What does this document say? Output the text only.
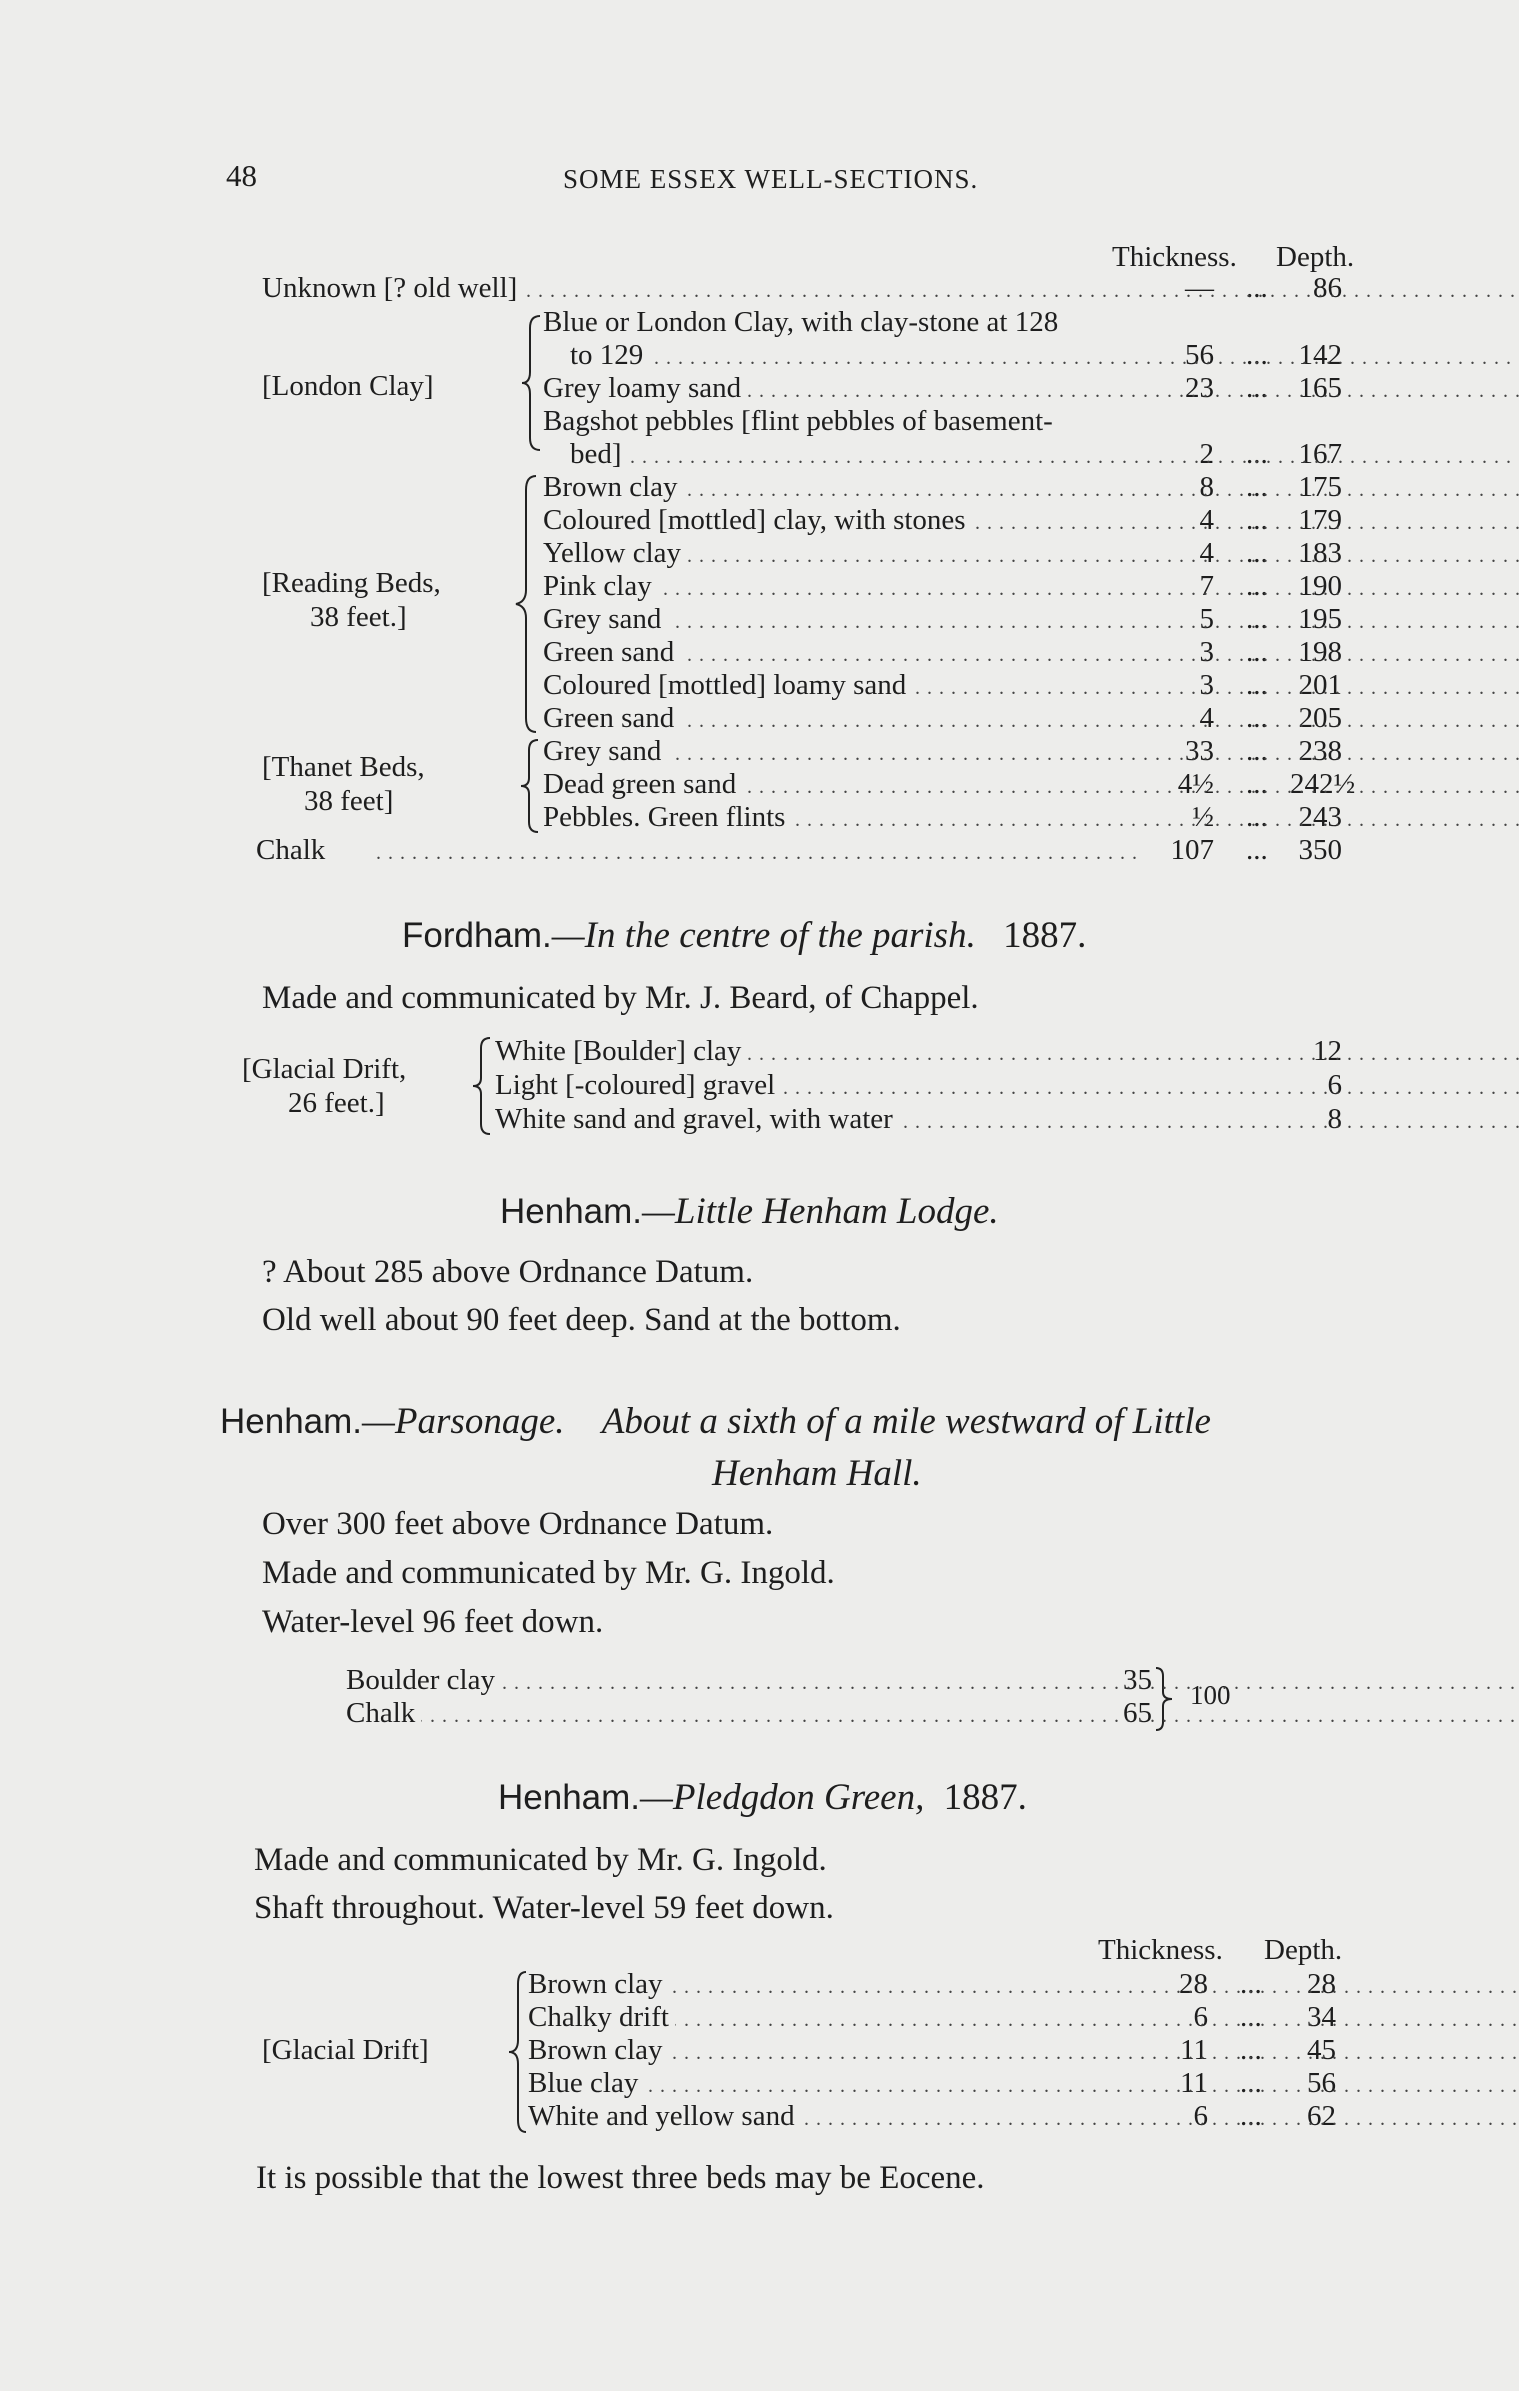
48	SOME ESSEX WELL-SECTIONS.
Thickness. Depth.
. . .
Unknown [? old well]	— ...	86
[London Clay]
Blue or London Clay, with clay-stone at 128
. . .
to 129	56 ... 142
. . .
Grey loamy sand	23 ... 165
Bagshot pebbles [flint pebbles of basement-
. . .
bed]	2 ... 167
[Reading Beds,
38 feet.]
. . .
Brown clay	8 ... 175
. . .
Coloured [mottled] clay, with stones	4 ... 179
. . .
Yellow clay	4 ... 183
. . .
Pink clay	7 ... 190
. . .
Grey sand	5 ... 195
. . .
Green sand	3 ... 198
. . .
Coloured [mottled] loamy sand	3 ... 201
. . .
Green sand	4 ... 205
[Thanet Beds,
38 feet]
. . .
Grey sand	33 ... 238
. . .
Dead green sand	4½ ... 242½
. . .
Pebbles. Green flints	½ ... 243
. . .
Chalk	107 ... 350
Fordham.—In the centre of the parish. 1887.
Made and communicated by Mr. J. Beard, of Chappel.
[Glacial Drift,
26 feet.]
. . .
White [Boulder] clay	12
. . .
Light [-coloured] gravel	6
. . .
White sand and gravel, with water	8
Henham.—Little Henham Lodge.
? About 285 above Ordnance Datum.
Old well about 90 feet deep. Sand at the bottom.
Henham.—Parsonage. About a sixth of a mile westward of Little
Henham Hall.
Over 300 feet above Ordnance Datum.
Made and communicated by Mr. G. Ingold.
Water-level 96 feet down.
. . .
Boulder clay	35
. . .
Chalk	65
100
Henham.—Pledgdon Green, 1887.
Made and communicated by Mr. G. Ingold.
Shaft throughout. Water-level 59 feet down.
Thickness. Depth.
[Glacial Drift]
. . .
Brown clay	28 ...	28
. . .
Chalky drift	6 ...	34
. . .
Brown clay	11 ...	45
. . .
Blue clay	11 ...	56
. . .
White and yellow sand	6 ...	62
It is possible that the lowest three beds may be Eocene.
